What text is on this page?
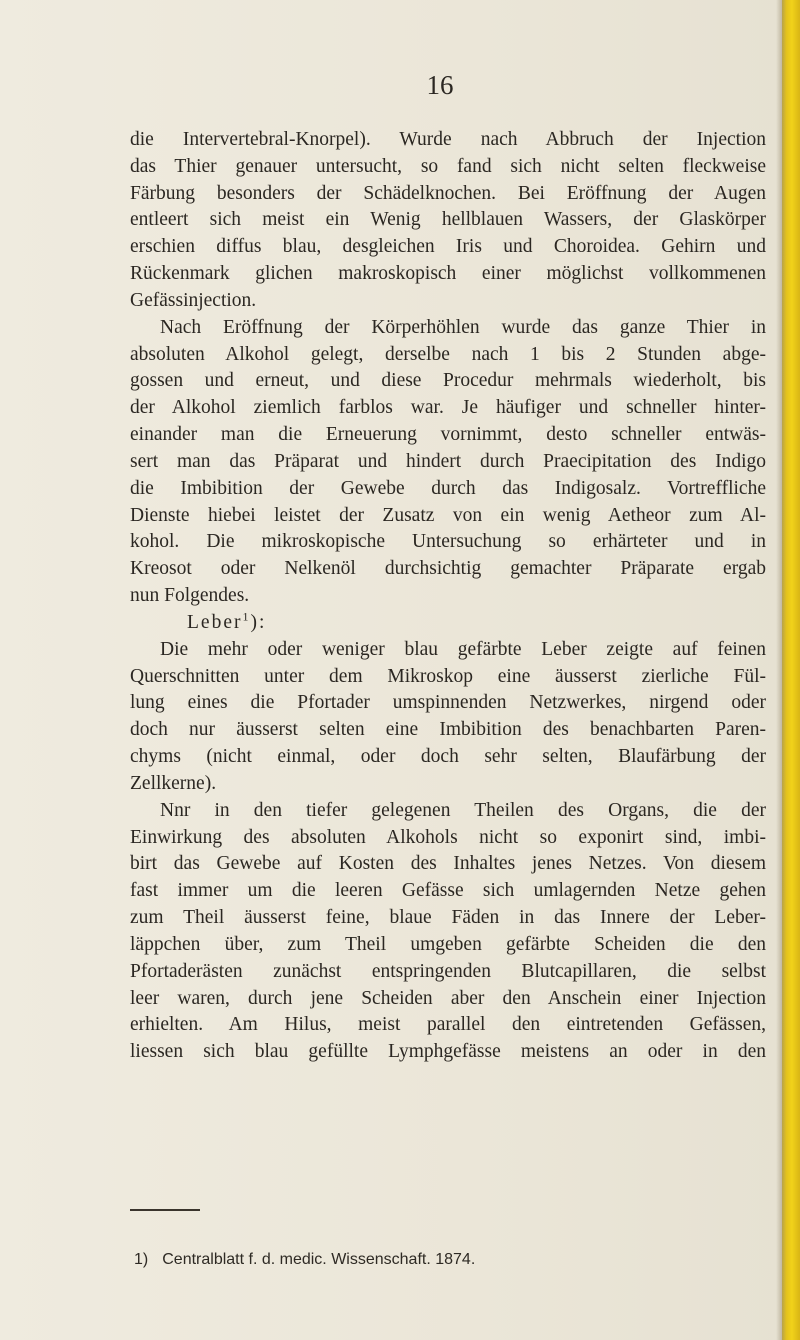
16
die Intervertebral-Knorpel). Wurde nach Abbruch der Injection
das Thier genauer untersucht, so fand sich nicht selten fleckweise
Färbung besonders der Schädelknochen. Bei Eröffnung der Augen
entleert sich meist ein Wenig hellblauen Wassers, der Glaskörper
erschien diffus blau, desgleichen Iris und Choroidea. Gehirn und
Rückenmark glichen makroskopisch einer möglichst vollkommenen
Gefässinjection.
Nach Eröffnung der Körperhöhlen wurde das ganze Thier in
absoluten Alkohol gelegt, derselbe nach 1 bis 2 Stunden abge-
gossen und erneut, und diese Procedur mehrmals wiederholt, bis
der Alkohol ziemlich farblos war. Je häufiger und schneller hinter-
einander man die Erneuerung vornimmt, desto schneller entwäs-
sert man das Präparat und hindert durch Praecipitation des Indigo
die Imbibition der Gewebe durch das Indigosalz. Vortreffliche
Dienste hiebei leistet der Zusatz von ein wenig Aetheor zum Al-
kohol. Die mikroskopische Untersuchung so erhärteter und in
Kreosot oder Nelkenöl durchsichtig gemachter Präparate ergab
nun Folgendes.
Leber$^1$):
Die mehr oder weniger blau gefärbte Leber zeigte auf feinen
Querschnitten unter dem Mikroskop eine äusserst zierliche Fül-
lung eines die Pfortader umspinnenden Netzwerkes, nirgend oder
doch nur äusserst selten eine Imbibition des benachbarten Paren-
chyms (nicht einmal, oder doch sehr selten, Blaufärbung der
Zellkerne).
Nnr in den tiefer gelegenen Theilen des Organs, die der
Einwirkung des absoluten Alkohols nicht so exponirt sind, imbi-
birt das Gewebe auf Kosten des Inhaltes jenes Netzes. Von diesem
fast immer um die leeren Gefässe sich umlagernden Netze gehen
zum Theil äusserst feine, blaue Fäden in das Innere der Leber-
läppchen über, zum Theil umgeben gefärbte Scheiden die den
Pfortaderästen zunächst entspringenden Blutcapillaren, die selbst
leer waren, durch jene Scheiden aber den Anschein einer Injection
erhielten. Am Hilus, meist parallel den eintretenden Gefässen,
liessen sich blau gefüllte Lymphgefässe meistens an oder in den
1) Centralblatt f. d. medic. Wissenschaft. 1874.
